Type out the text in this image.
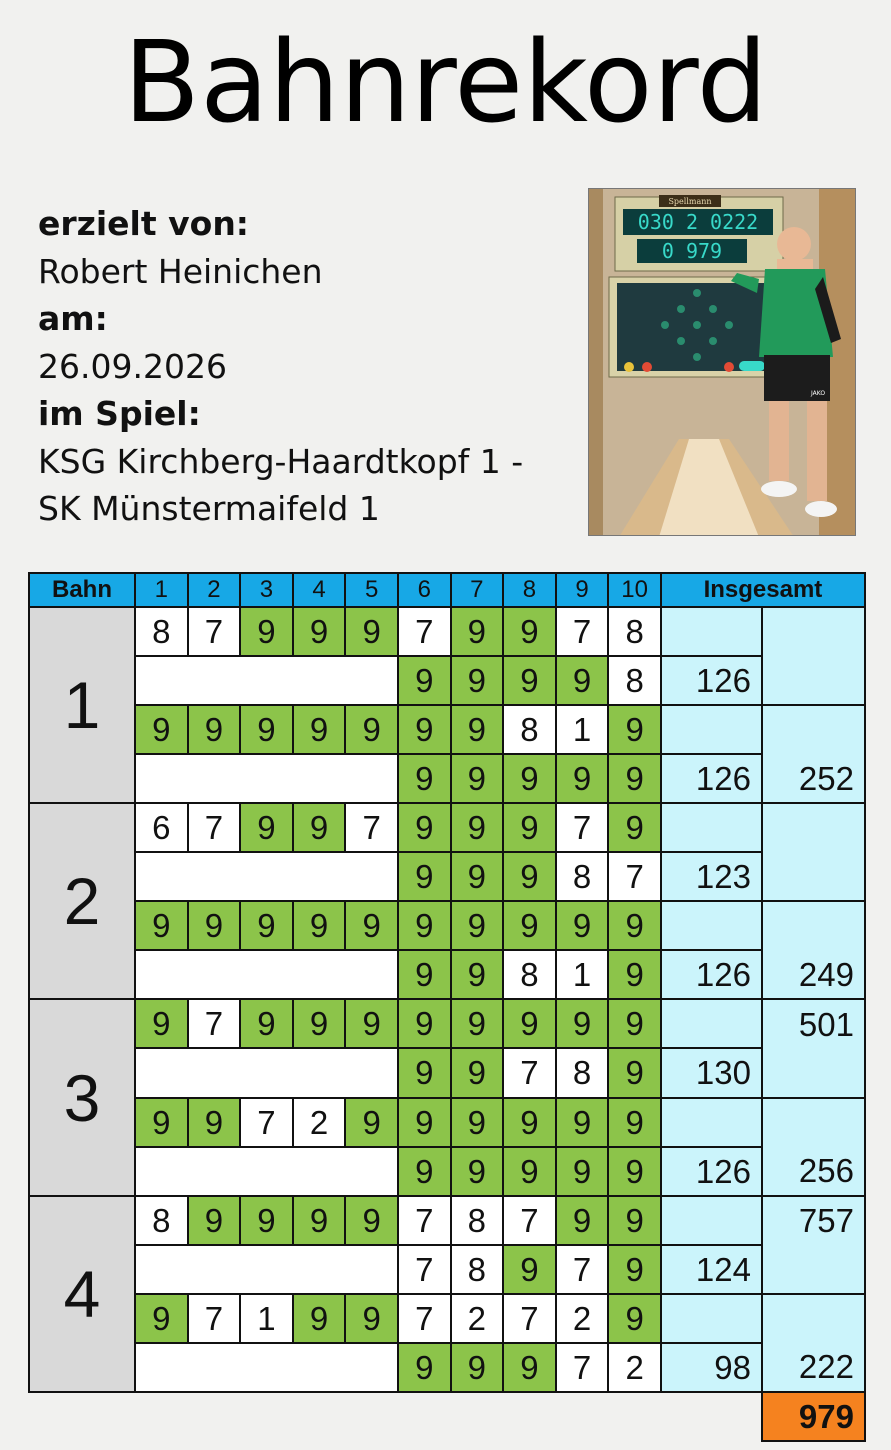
Bahnrekord
erzielt von:
Robert Heinichen
am:
26.09.2026
im Spiel:
KSG Kirchberg-Haardtkopf 1 -
SK Münstermaifeld 1
Spellmann
030 2 0222
0 979
JAKO
Bahn	1	2	3	4	5	6	7	8	9	10	Insgesamt	
1	8	7	9	9	9	7	9	9	7	8		
						9	9	9	9	8	126	
	9	9	9	9	9	9	9	8	1	9		
						9	9	9	9	9	126	252
2	6	7	9	9	7	9	9	9	7	9		
						9	9	9	8	7	123	
	9	9	9	9	9	9	9	9	9	9		
						9	9	8	1	9	126	249
3	9	7	9	9	9	9	9	9	9	9		501
						9	9	7	8	9	130	
	9	9	7	2	9	9	9	9	9	9		
						9	9	9	9	9	126	256
4	8	9	9	9	9	7	8	7	9	9		757
						7	8	9	7	9	124	
	9	7	1	9	9	7	2	7	2	9		
						9	9	9	7	2	98	222
												979
